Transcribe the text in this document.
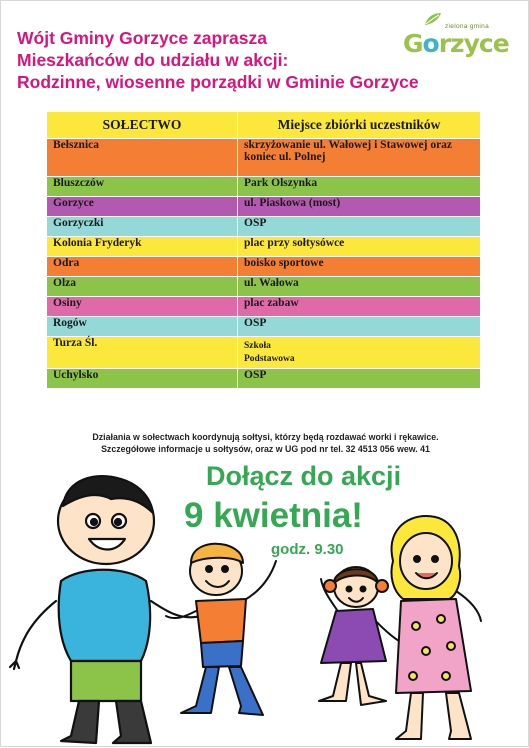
Wójt Gminy Gorzyce zaprasza
Mieszkańców do udziału w akcji:
Rodzinne, wiosenne porządki w Gminie Gorzyce
zielona gmina
Gorzyce
SOŁECTWO	Miejsce zbiórki uczestników
Bełsznica	skrzyżowanie ul. Wałowej i Stawowej oraz koniec ul. Polnej
Bluszczów	Park Olszynka
Gorzyce	ul. Piaskowa (most)
Gorzyczki	OSP
Kolonia Fryderyk	plac przy sołtysówce
Odra	boisko sportowe
Olza	ul. Wałowa
Osiny	plac zabaw
Rogów	OSP
Turza Śl.	Szkoła
Podstawowa

Uchylsko	OSP
Działania w sołectwach koordynują sołtysi, którzy będą rozdawać worki i rękawice.
Szczegółowe informacje u sołtysów, oraz w UG pod nr tel. 32 4513 056 wew. 41
Dołącz do akcji
9 kwietnia!
godz. 9.30
